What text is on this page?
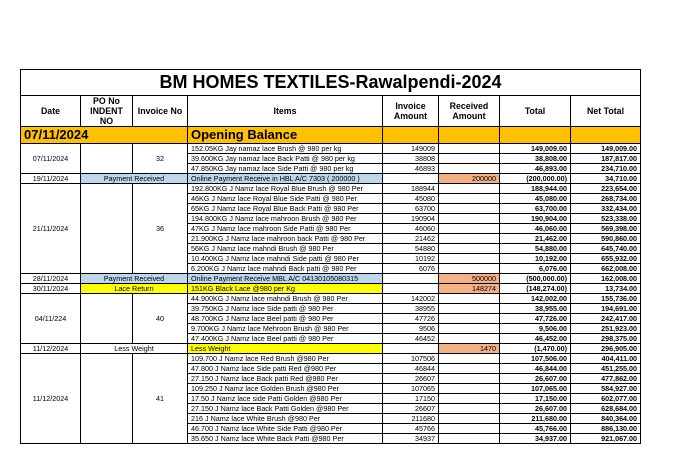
BM HOMES TEXTILES-Rawalpendi-2024							
Date	PO No INDENT NO	Invoice No	Items	Invoice Amount	Received Amount	Total	Net Total
07/11/2024			Opening Balance				
07/11/2024		32	152.05KG Jay namaz lace Brush @ 980 per kg	149009		149,009.00	149,009.00
			39.600KG Jay namaz lace Back Patti @ 980 per kg	38808		38,808.00	187,817.00
			47.850KG Jay namaz lace Side Patti @ 980 per kg	46893		46,893.00	234,710.00
19/11/2024	Payment Received		Online Payment Receive in HBL A/C 7303 ( 200000 )		200000	(200,000.00)	34,710.00
21/11/2024		36	192.800KG J Namz lace Royal Blue Brush @ 980 Per	188944		188,944.00	223,654.00
			46KG J Namz lace Royal Blue Side Patti @ 980 Per	45080		45,080.00	268,734.00
			65KG J Namz lace Royal Blue Back Patti @ 980 Per	63700		63,700.00	332,434.00
			194.800KG J Namz lace mahroon Brush @ 980 Per	190904		190,904.00	523,338.00
			47KG J Namz lace mahroon Side Patti @ 980 Per	46060		46,060.00	569,398.00
			21.900KG J Namz lace mahroon back Patti @ 980 Per	21462		21,462.00	590,860.00
			56KG J Namz lace mahndi Brush @ 980 Per	54880		54,880.00	645,740.00
			10.400KG J Namz lace mahndi Side patti @ 980 Per	10192		10,192.00	655,932.00
			6.200KG J Namz lace mahndi Back patti @ 980 Per	6076		6,076.00	662,008.00
28/11/2024	Payment Received		Online Payment Receive MBL A/C 04130105080315		500000	(500,000.00)	162,008.00
30/11/2024	Lace Return		151KG Black Lace @980 per Kg		148274	(148,274.00)	13,734.00
04/11/224		40	44.900KG J Namz lace mahndi Brush @ 980 Per	142002		142,002.00	155,736.00
			39.750KG J Namz lace Side patti @ 980 Per	38955		38,955.00	194,691.00
			48.700KG J Namz lace Beel patti @ 980 Per	47726		47,726.00	242,417.00
			9.700KG J Namz lace Mehroon Brush @ 980 Per	9506		9,506.00	251,923.00
			47.400KG J Namz lace Beel patti @ 980 Per	46452		46,452.00	298,375.00
11/12/2024	Less Weight		Less Weight		1470	(1,470.00)	296,905.00
11/12/2024		41	109.700 J Namz lace Red Brush @980 Per	107506		107,506.00	404,411.00
			47.800 J Namz lace Side patti Red @980 Per	46844		46,844.00	451,255.00
			27.150 J Namz lace Back patti Red @980 Per	26607		26,607.00	477,862.00
			109.250 J Namz lace Golden Brush @980 Per	107065		107,065.00	584,927.00
			17.50 J Namz lace side Patti Golden @980 Per	17150		17,150.00	602,077.00
			27.150 J Namz lace Back Patti Golden @980 Per	26607		26,607.00	628,684.00
			216 J Namz lace White Brush @980 Per	211680		211,680.00	840,364.00
			46.700 J Namz lace White Side Patti @980 Per	45766		45,766.00	886,130.00
			35.650 J Namz lace White Back Patti @980 Per	34937		34,937.00	921,067.00
